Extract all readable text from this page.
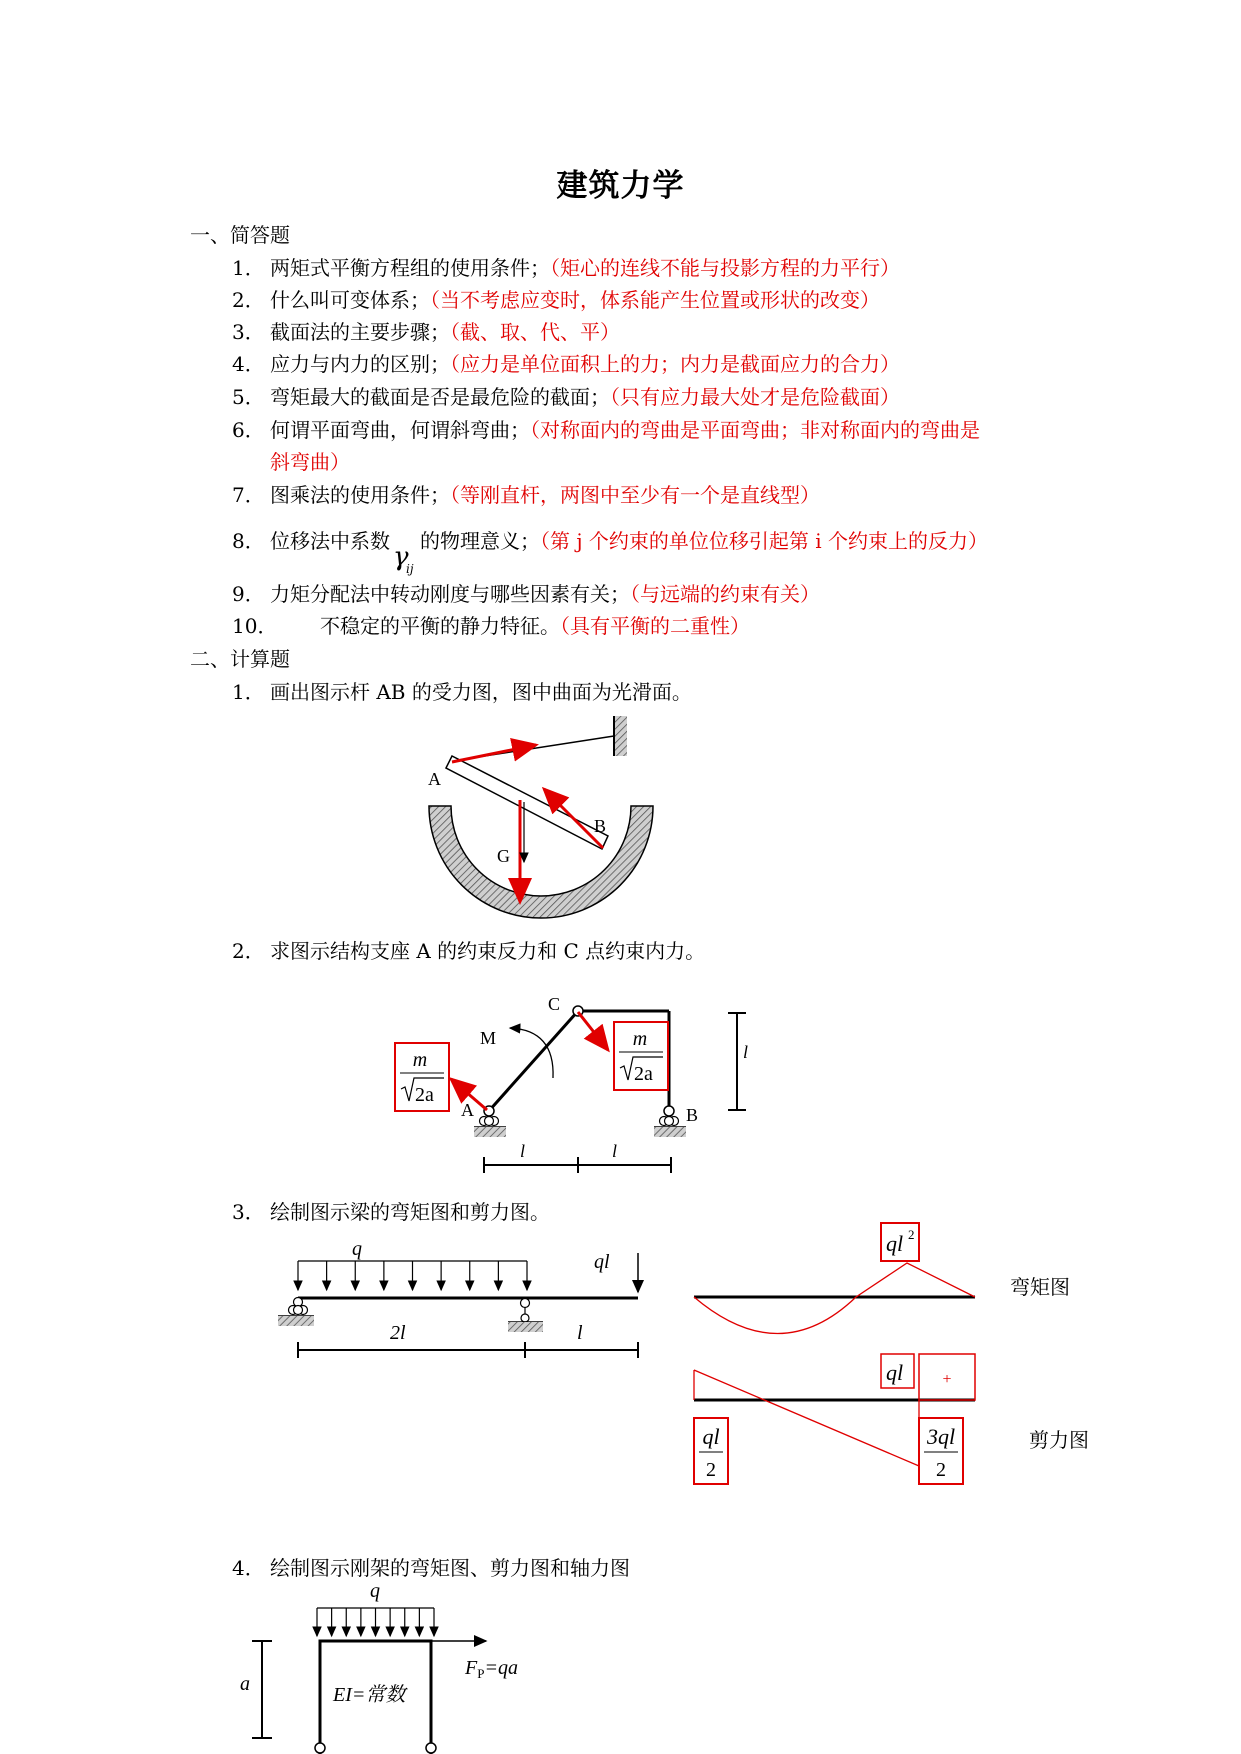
建筑力学
一、简答题
1． 两矩式平衡方程组的使用条件；（矩心的连线不能与投影方程的力平行）
2． 什么叫可变体系；（当不考虑应变时，体系能产生位置或形状的改变）
3． 截面法的主要步骤；（截、取、代、平）
4． 应力与内力的区别；（应力是单位面积上的力；内力是截面应力的合力）
5． 弯矩最大的截面是否是最危险的截面；（只有应力最大处才是危险截面）
6． 何谓平面弯曲，何谓斜弯曲；（对称面内的弯曲是平面弯曲；非对称面内的弯曲是
斜弯曲）
7． 图乘法的使用条件；（等刚直杆，两图中至少有一个是直线型）
8． 位移法中系数
γ
ij
的物理意义；（第 j 个约束的单位位移引起第 i 个约束上的反力）
9． 力矩分配法中转动刚度与哪些因素有关；（与远端的约束有关）
10． 不稳定的平衡的静力特征。（具有平衡的二重性）
二、计算题
1． 画出图示杆 AB 的受力图，图中曲面为光滑面。
A
B
G
2． 求图示结构支座 A 的约束反力和 C 点约束内力。
m
2a
m
2a
C
M
A	B
l	l
l
3． 绘制图示梁的弯矩图和剪力图。
q
ql
2l	l
ql 2
弯矩图
+
ql
ql
2
3ql
2
剪力图
4． 绘制图示刚架的弯矩图、剪力图和轴力图
q
$F_P=qa$
EI=常数
a
